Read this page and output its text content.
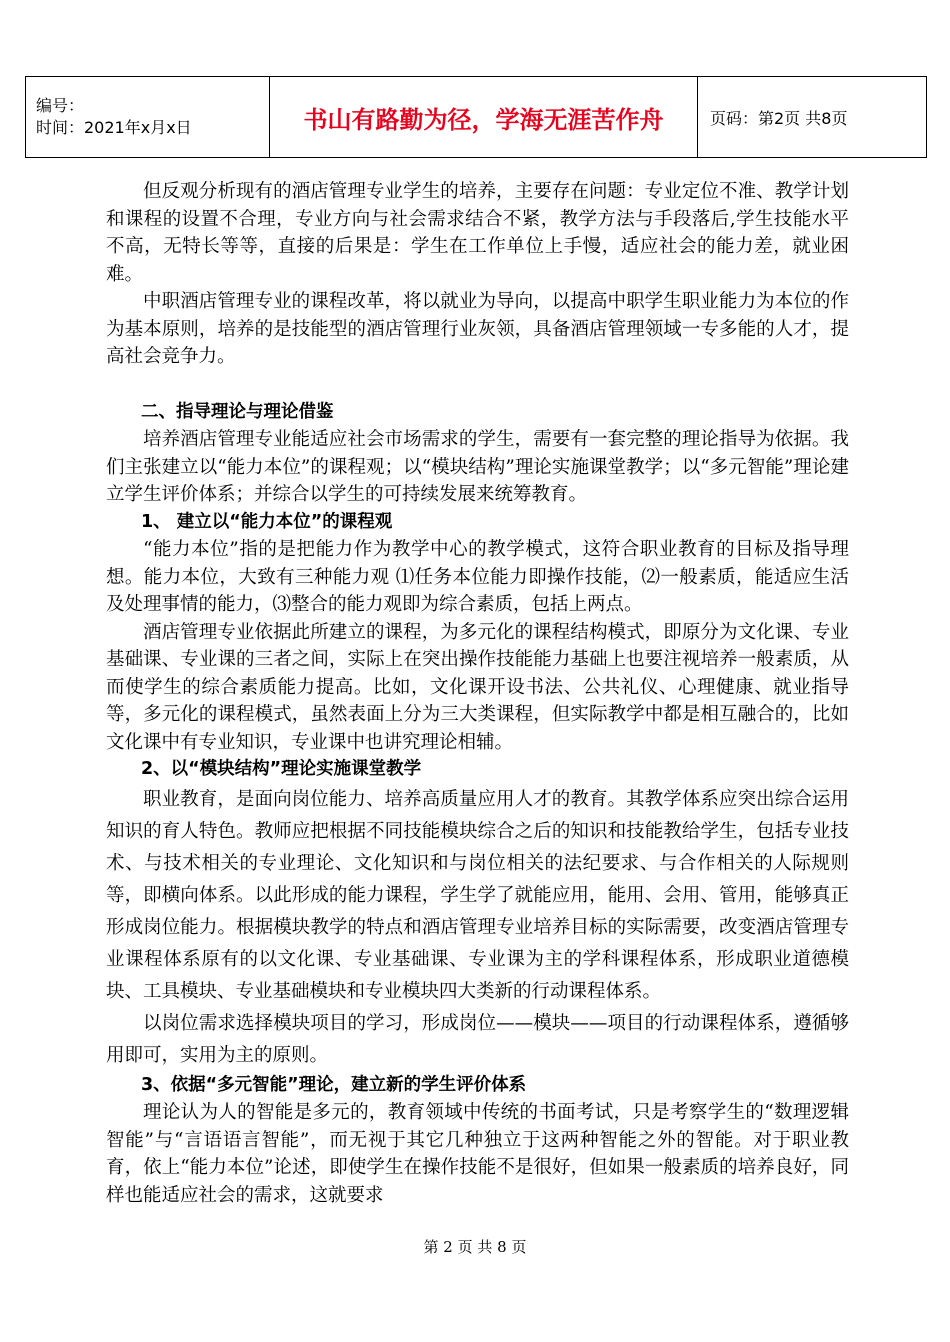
编号：
时间：2021年x月x日	书山有路勤为径，学海无涯苦作舟	页码：第2页 共8页

但反观分析现有的酒店管理专业学生的培养，主要存在问题：专业定位不准、教学计划和课程的设置不合理，专业方向与社会需求结合不紧，教学方法与手段落后,学生技能水平不高，无特长等等，直接的后果是：学生在工作单位上手慢，适应社会的能力差，就业困难。

中职酒店管理专业的课程改革，将以就业为导向，以提高中职学生职业能力为本位的作为基本原则，培养的是技能型的酒店管理行业灰领，具备酒店管理领域一专多能的人才，提高社会竞争力。

二、指导理论与理论借鉴

培养酒店管理专业能适应社会市场需求的学生，需要有一套完整的理论指导为依据。我们主张建立以“能力本位”的课程观；以“模块结构”理论实施课堂教学；以“多元智能”理论建立学生评价体系；并综合以学生的可持续发展来统筹教育。

1、 建立以“能力本位”的课程观

“能力本位”指的是把能力作为教学中心的教学模式，这符合职业教育的目标及指导理想。能力本位，大致有三种能力观 ⑴任务本位能力即操作技能，⑵一般素质，能适应生活及处理事情的能力，⑶整合的能力观即为综合素质，包括上两点。

酒店管理专业依据此所建立的课程，为多元化的课程结构模式，即原分为文化课、专业基础课、专业课的三者之间，实际上在突出操作技能能力基础上也要注视培养一般素质，从而使学生的综合素质能力提高。比如，文化课开设书法、公共礼仪、心理健康、就业指导等，多元化的课程模式，虽然表面上分为三大类课程，但实际教学中都是相互融合的，比如文化课中有专业知识，专业课中也讲究理论相辅。

2、以“模块结构”理论实施课堂教学

职业教育，是面向岗位能力、培养高质量应用人才的教育。其教学体系应突出综合运用知识的育人特色。教师应把根据不同技能模块综合之后的知识和技能教给学生，包括专业技术、与技术相关的专业理论、文化知识和与岗位相关的法纪要求、与合作相关的人际规则等，即横向体系。以此形成的能力课程，学生学了就能应用，能用、会用、管用，能够真正形成岗位能力。根据模块教学的特点和酒店管理专业培养目标的实际需要，改变酒店管理专业课程体系原有的以文化课、专业基础课、专业课为主的学科课程体系，形成职业道德模块、工具模块、专业基础模块和专业模块四大类新的行动课程体系。

以岗位需求选择模块项目的学习，形成岗位——模块——项目的行动课程体系，遵循够用即可，实用为主的原则。

3、依据“多元智能”理论，建立新的学生评价体系

理论认为人的智能是多元的，教育领域中传统的书面考试，只是考察学生的“数理逻辑智能”与“言语语言智能”，而无视于其它几种独立于这两种智能之外的智能。对于职业教育，依上“能力本位”论述，即使学生在操作技能不是很好，但如果一般素质的培养良好，同样也能适应社会的需求，这就要求

第 2 页 共 8 页
